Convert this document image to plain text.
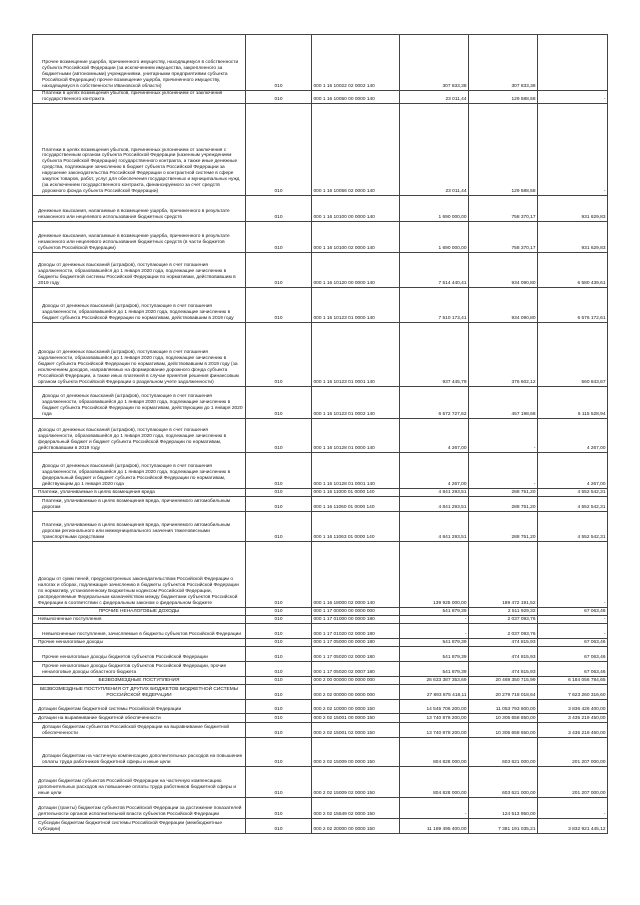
Прочее возмещение ущерба, причиненного имуществу, находящемуся в собственности субъекта Российской Федерации (за исключением имущества, закрепленного за бюджетными (автономными) учреждениями, унитарными предприятиями субъекта Российской Федерации) прочее возмещение ущерба, причиненного имуществу, находящемуся в собственности Ивановской области)	010	000 1 16 10022 02 0002 140	307 833,38	307 833,38	
Платежи в целях возмещения убытков, причиненных уклонением от заключения государственного контракта	010	000 1 16 10050 00 0000 140	23 011,44	129 588,58	-
Платежи в целях возмещения убытков, причиненных уклонением от заключения с государственным органом субъекта Российской Федерации (казенным учреждением субъекта Российской Федерации) государственного контракта, а также иные денежные средства, подлежащие зачислению в бюджет субъекта Российской Федерации за нарушение законодательства Российской Федерации о контрактной системе в сфере закупок товаров, работ, услуг для обеспечения государственных и муниципальных нужд (за исключением государственного контракта, финансируемого за счет средств дорожного фонда субъекта Российской Федерации)	010	000 1 16 10056 02 0000 140	23 011,44	129 588,58	-
Денежные взыскания, налагаемые в возмещение ущерба, причиненного в результате незаконного или нецелевого использования бюджетных средств	010	000 1 16 10100 00 0000 140	1 690 000,00	758 370,17	931 629,83
Денежные взыскания, налагаемые в возмещение ущерба, причиненного в результате незаконного или нецелевого использования бюджетных средств (в части бюджетов субъектов Российской Федерации)	010	000 1 16 10100 02 0000 140	1 690 000,00	758 370,17	931 629,83
Доходы от денежных взысканий (штрафов), поступающие в счет погашения задолженности, образовавшейся до 1 января 2020 года, подлежащие зачислению в бюджеты бюджетной системы Российской Федерации по нормативам, действовавшим в 2019 году	010	000 1 16 10120 00 0000 140	7 514 440,41	934 090,80	6 580 439,61
Доходы от денежных взысканий (штрафов), поступающие в счет погашения задолженности, образовавшейся до 1 января 2020 года, подлежащие зачислению в бюджет субъекта Российской Федерации по нормативам, действовавшим в 2019 году	010	000 1 16 10123 01 0000 140	7 510 173,41	934 090,80	6 576 172,61
Доходы от денежных взысканий (штрафов), поступающие в счет погашения задолженности, образовавшейся до 1 января 2020 года, подлежащие зачислению в бюджет субъекта Российской Федерации по нормативам, действовавшим в 2019 году (за исключением доходов, направляемых на формирование дорожного фонда субъекта Российской Федерации, а также иных платежей в случае принятия решения финансовым органом субъекта Российской Федерации о раздельном учете задолженности)	010	000 1 16 10123 01 0001 140	937 445,79	376 602,12	560 843,67
Доходы от денежных взысканий (штрафов), поступающие в счет погашения задолженности, образовавшейся до 1 января 2020 года, подлежащие зачислению в бюджет субъекта Российской Федерации по нормативам, действующим до 1 января 2020 года	010	000 1 16 10123 01 0002 140	6 572 727,62	457 198,68	6 115 528,94
Доходы от денежных взысканий (штрафов), поступающие в счет погашения задолженности, образовавшейся до 1 января 2020 года, подлежащие зачислению в федеральный бюджет и бюджет субъекта Российской Федерации по нормативам, действовавшим в 2019 году	010	000 1 16 10128 01 0000 140	4 267,00	-	4 267,00
Доходы от денежных взысканий (штрафов), поступающие в счет погашения задолженности, образовавшейся до 1 января 2020 года, подлежащие зачислению в федеральный бюджет и бюджет субъекта Российской Федерации по нормативам, действующим до 1 января 2020 года	010	000 1 16 10128 01 0001 140	4 267,00	-	4 267,00
Платежи, уплачиваемые в целях возмещения вреда	010	000 1 16 11000 01 0000 140	4 841 293,51	288 751,20	4 552 542,31
Платежи, уплачиваемые в целях возмещения вреда, причиняемого автомобильным дорогам	010	000 1 16 11060 01 0000 140	4 841 293,51	288 751,20	4 552 542,31
Платежи, уплачиваемые в целях возмещения вреда, причиняемого автомобильным дорогам регионального или межмуниципального значения тяжеловесными транспортными средствами	010	000 1 16 11063 01 0000 140	4 841 293,51	288 751,20	4 552 542,31
Доходы от сумм пеней, предусмотренных законодательством Российской Федерации о налогах и сборах, подлежащие зачислению в бюджеты субъектов Российской Федерации по нормативу, установленному Бюджетным кодексом Российской Федерации, распределяемые Федеральным казначейством между бюджетами субъектов Российской Федерации в соответствии с федеральным законом о федеральном бюджете	010	000 1 16 18000 02 0000 140	139 925 000,00	189 472 191,52	-
ПРОЧИЕ НЕНАЛОГОВЫЕ ДОХОДЫ	010	000 1 17 00000 00 0000 000	541 879,39	2 511 929,32	67 063,46
Невыясненные поступления	010	000 1 17 01000 00 0000 180	-	2 037 093,76	-
Невыясненные поступления, зачисляемые в бюджеты субъектов Российской Федерации	010	000 1 17 01020 02 0000 180	-	2 037 093,76	-
Прочие неналоговые доходы	010	000 1 17 05000 00 0000 180	541 879,39	474 815,93	67 063,46
Прочие неналоговые доходы бюджетов субъектов Российской Федерации	010	000 1 17 05020 02 0000 180	541 879,39	474 815,93	67 063,46
Прочие неналоговые доходы бюджетов субъектов Российской Федерации, прочие неналоговые доходы областного бюджета	010	000 1 17 05020 02 0007 180	541 879,39	474 815,93	67 063,46
БЕЗВОЗМЕЗДНЫЕ ПОСТУПЛЕНИЯ	010	000 2 00 00000 00 0000 000	26 633 387 353,69	20 469 350 715,99	6 184 056 784,65
БЕЗВОЗМЕЗДНЫЕ ПОСТУПЛЕНИЯ ОТ ДРУГИХ БЮДЖЕТОВ БЮДЖЕТНОЙ СИСТЕМЫ РОССИЙСКОЙ ФЕДЕРАЦИИ	010	000 2 02 00000 00 0000 000	27 893 875 418,11	20 279 718 018,64	7 623 260 316,60
Дотации бюджетам бюджетной системы Российской Федерации	010	000 2 02 10000 00 0000 150	14 545 706 200,00	11 053 793 600,00	3 836 426 400,00
Дотации на выравнивание бюджетной обеспеченности	010	000 2 02 15001 00 0000 150	13 740 878 200,00	10 305 658 650,00	3 435 219 450,00
Дотации бюджетам субъектов Российской Федерации на выравнивание бюджетной обеспеченности	010	000 2 02 15001 02 0000 150	13 740 878 200,00	10 305 658 650,00	3 435 219 450,00
Дотации бюджетам на частичную компенсацию дополнительных расходов на повышение оплаты труда работников бюджетной сферы и иные цели	010	000 2 02 15009 00 0000 150	804 828 000,00	603 621 000,00	201 207 000,00
Дотации бюджетам субъектов Российской Федерации на частичную компенсацию дополнительных расходов на повышение оплаты труда работников бюджетной сферы и иные цели	010	000 2 02 15009 02 0000 150	804 828 000,00	603 621 000,00	201 207 000,00
Дотации (гранты) бюджетам субъектов Российской Федерации за достижение показателей деятельности органов исполнительной власти субъектов Российской Федерации	010	000 2 02 15549 02 0000 150	-	124 513 950,00	-
Субсидии бюджетам бюджетной системы Российской Федерации (межбюджетные субсидии)	010	000 2 02 20000 00 0000 150	11 189 495 400,00	7 381 191 035,21	3 832 921 445,12
